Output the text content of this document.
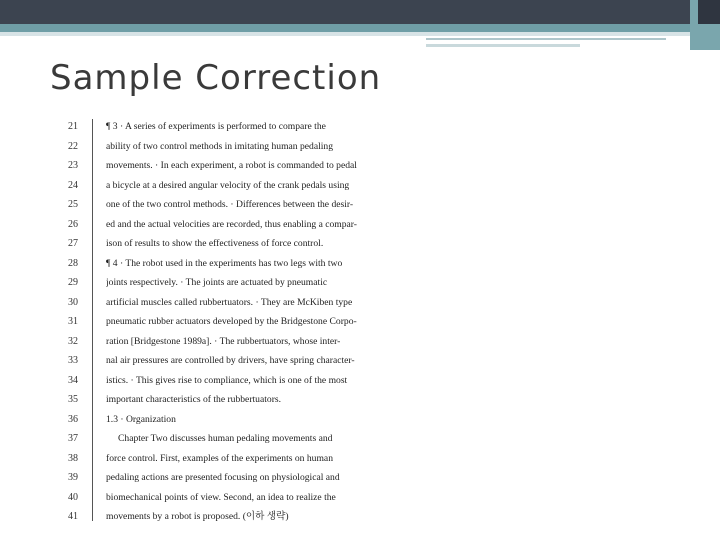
Sample Correction
21	¶ 3 · A series of experiments is performed to compare the
22	ability of two control methods in imitating human pedaling
23	movements. · In each experiment, a robot is commanded to pedal
24	a bicycle at a desired angular velocity of the crank pedals using
25	one of the two control methods. · Differences between the desir-
26	ed and the actual velocities are recorded, thus enabling a compar-
27	ison of results to show the effectiveness of force control.
28	¶ 4 · The robot used in the experiments has two legs with two
29	joints respectively. · The joints are actuated by pneumatic
30	artificial muscles called rubbertuators. · They are McKiben type
31	pneumatic rubber actuators developed by the Bridgestone Corpo-
32	ration [Bridgestone 1989a]. · The rubbertuators, whose inter-
33	nal air pressures are controlled by drivers, have spring character-
34	istics. · This gives rise to compliance, which is one of the most
35	important characteristics of the rubbertuators.
36	1.3 · Organization
37	Chapter Two discusses human pedaling movements and
38	force control. First, examples of the experiments on human
39	pedaling actions are presented focusing on physiological and
40	biomechanical points of view. Second, an idea to realize the
41	movements by a robot is proposed. (이하 생략)
